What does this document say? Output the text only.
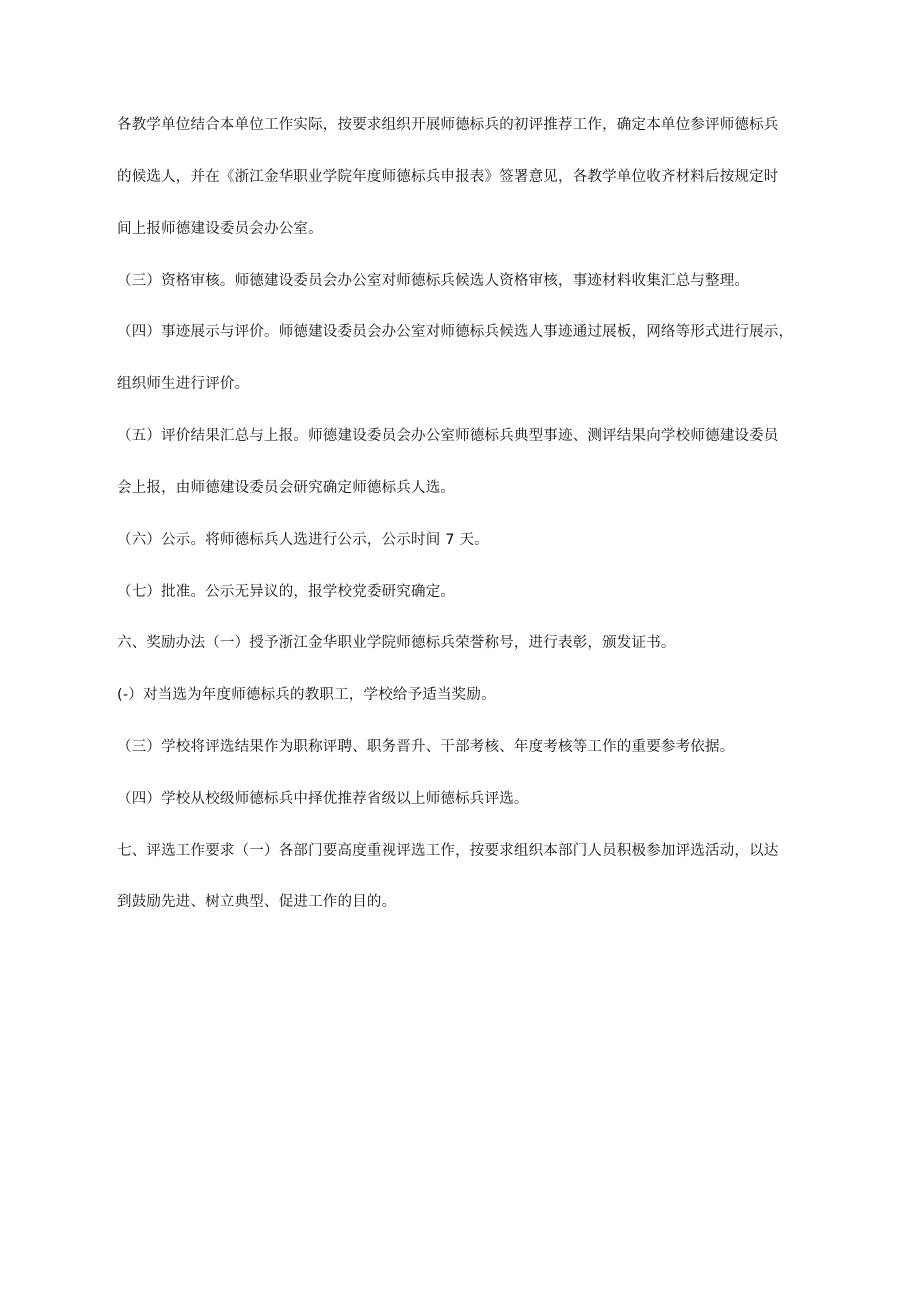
各教学单位结合本单位工作实际，按要求组织开展师德标兵的初评推荐工作，确定本单位参评师德标兵
的候选人，并在《浙江金华职业学院年度师德标兵申报表》签署意见，各教学单位收齐材料后按规定时
间上报师德建设委员会办公室。
（三）资格审核。师德建设委员会办公室对师德标兵候选人资格审核，事迹材料收集汇总与整理。
（四）事迹展示与评价。师德建设委员会办公室对师德标兵候选人事迹通过展板，网络等形式进行展示，
组织师生进行评价。
（五）评价结果汇总与上报。师德建设委员会办公室师德标兵典型事迹、测评结果向学校师德建设委员
会上报，由师德建设委员会研究确定师德标兵人选。
（六）公示。将师德标兵人选进行公示，公示时间 7 天。
（七）批准。公示无异议的，报学校党委研究确定。
六、奖励办法（一）授予浙江金华职业学院师德标兵荣誉称号，进行表彰，颁发证书。
(-）对当选为年度师德标兵的教职工，学校给予适当奖励。
（三）学校将评选结果作为职称评聘、职务晋升、干部考核、年度考核等工作的重要参考依据。
（四）学校从校级师德标兵中择优推荐省级以上师德标兵评选。
七、评选工作要求（一）各部门要高度重视评选工作，按要求组织本部门人员积极参加评选活动，以达
到鼓励先进、树立典型、促进工作的目的。
